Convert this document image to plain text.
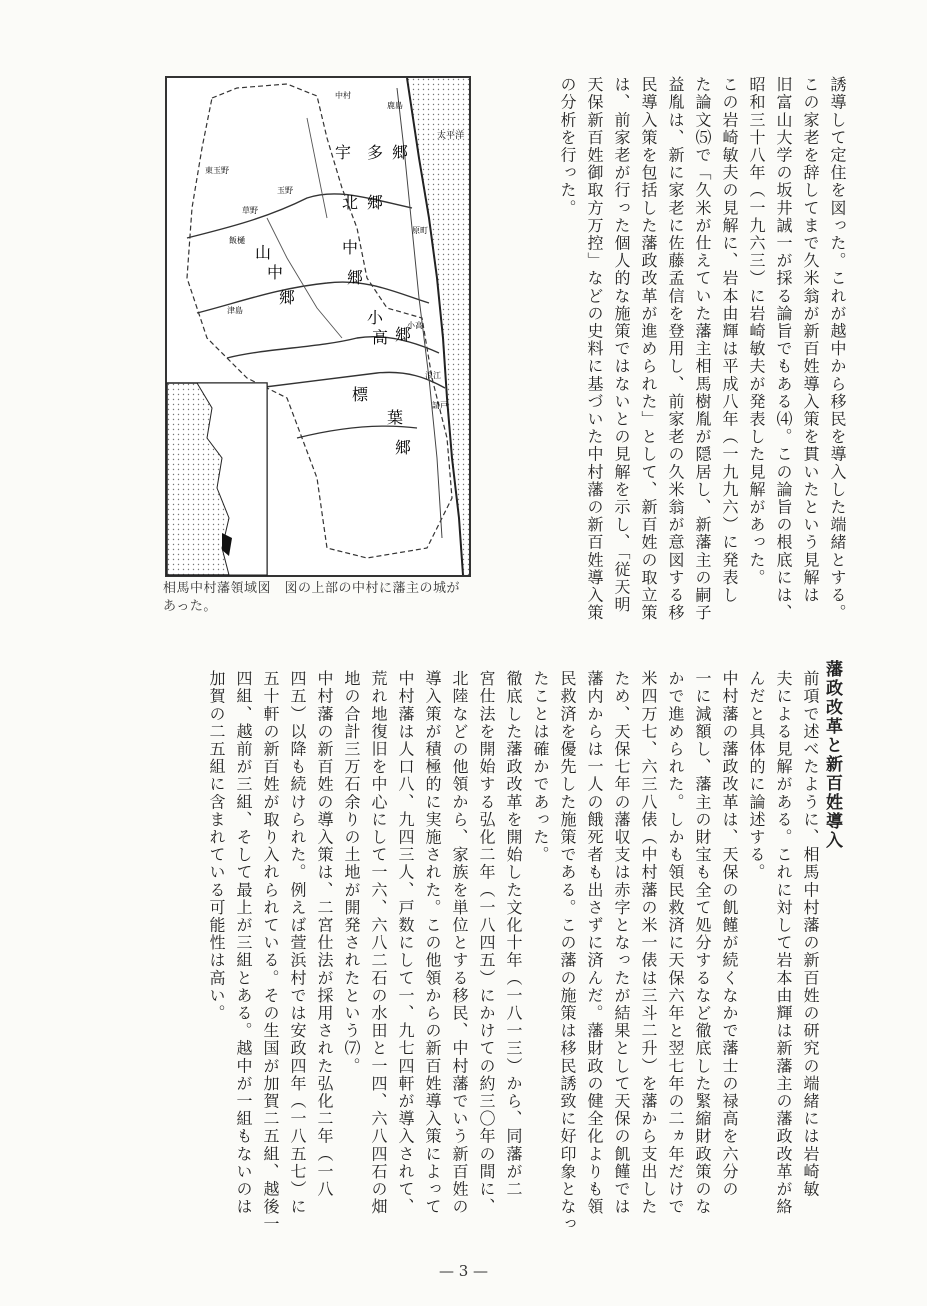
誘導して定住を図った。これが越中から移民を導入した端緒とする。
この家老を辞してまで久米翁が新百姓導入策を貫いたという見解は
旧富山大学の坂井誠一が採る論旨でもある⑷。この論旨の根底には、
昭和三十八年（一九六三）に岩崎敏夫が発表した見解があった。
この岩崎敏夫の見解に、岩本由輝は平成八年（一九九六）に発表し
た論文⑸で「久米が仕えていた藩主相馬樹胤が隠居し、新藩主の嗣子
益胤は、新に家老に佐藤孟信を登用し、前家老の久米翁が意図する移
民導入策を包括した藩政改革が進められた」として、新百姓の取立策
は、前家老が行った個人的な施策ではないとの見解を示し、「従天明
天保新百姓御取方万控」などの史料に基づいた中村藩の新百姓導入策
の分析を行った。
宇 多 郷
北 郷
中
郷
山
中
郷
小
高 郷
標
葉
郷
中村
鹿島
原町
小高
浪江
太平洋
東玉野
玉野
草野
飯樋
津島
請戸
相馬中村藩領域図　図の上部の中村に藩主の城があった。
藩政改革と新百姓導入
前項で述べたように、相馬中村藩の新百姓の研究の端緒には岩崎敏
夫による見解がある。これに対して岩本由輝は新藩主の藩政改革が絡
んだと具体的に論述する。
中村藩の藩政改革は、天保の飢饉が続くなかで藩士の禄高を六分の
一に減額し、藩主の財宝も全て処分するなど徹底した緊縮財政策のな
かで進められた。しかも領民救済に天保六年と翌七年の二ヵ年だけで
米四万七、六三八俵（中村藩の米一俵は三斗二升）を藩から支出した
ため、天保七年の藩収支は赤字となったが結果として天保の飢饉では
藩内からは一人の餓死者も出さずに済んだ。藩財政の健全化よりも領
民救済を優先した施策である。この藩の施策は移民誘致に好印象となっ
たことは確かであった。
徹底した藩政改革を開始した文化十年（一八一三）から、同藩が二
宮仕法を開始する弘化二年（一八四五）にかけての約三〇年の間に、
北陸などの他領から、家族を単位とする移民、中村藩でいう新百姓の
導入策が積極的に実施された。この他領からの新百姓導入策によって
中村藩は人口八、九四三人、戸数にして一、九七四軒が導入されて、
荒れ地復旧を中心にして一六、六八二石の水田と一四、六八四石の畑
地の合計三万石余りの土地が開発されたという⑺。
中村藩の新百姓の導入策は、二宮仕法が採用された弘化二年（一八
四五）以降も続けられた。例えば萱浜村では安政四年（一八五七）に
五十軒の新百姓が取り入れられている。その生国が加賀二五組、越後一
四組、越前が三組、そして最上が三組とある。越中が一組もないのは
加賀の二五組に含まれている可能性は高い。
— 3 —
